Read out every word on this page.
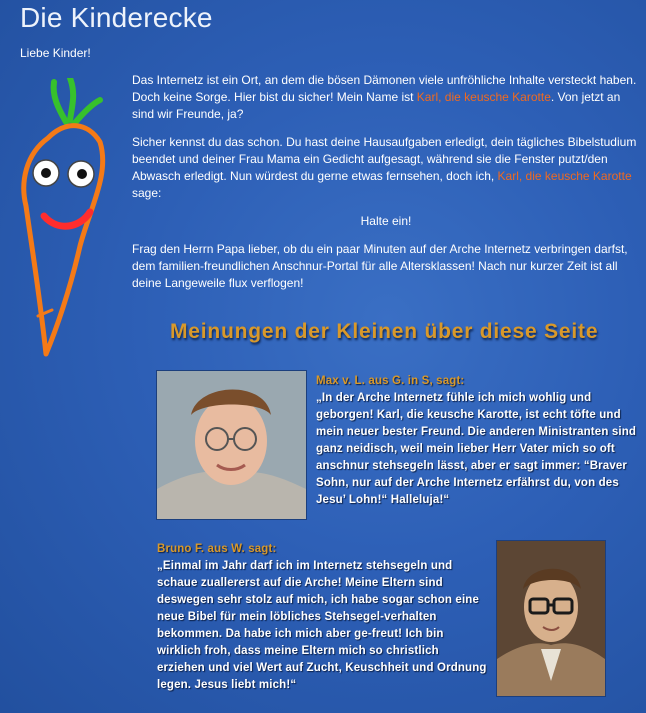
Die Kinderecke
Liebe Kinder!

Das Internetz ist ein Ort, an dem die bösen Dämonen viele unfröhliche Inhalte versteckt haben. Doch keine Sorge. Hier bist du sicher! Mein Name ist Karl, die keusche Karotte. Von jetzt an sind wir Freunde, ja?

Sicher kennst du das schon. Du hast deine Hausaufgaben erledigt, dein tägliches Bibelstudium beendet und deiner Frau Mama ein Gedicht aufgesagt, während sie die Fenster putzt/den Abwasch erledigt. Nun würdest du gerne etwas fernsehen, doch ich, Karl, die keusche Karotte sage:

Halte ein!

Frag den Herrn Papa lieber, ob du ein paar Minuten auf der Arche Internetz verbringen darfst, dem familien-freundlichen Anschnur-Portal für alle Altersklassen! Nach nur kurzer Zeit ist all deine Langeweile flux verflogen!

Meinungen der Kleinen über diese Seite
Max v. L. aus G. in S, sagt:
„In der Arche Internetz fühle ich mich wohlig und geborgen! Karl, die keusche Karotte, ist echt töfte und mein neuer bester Freund. Die anderen Ministranten sind ganz neidisch, weil mein lieber Herr Vater mich so oft anschnur stehsegeln lässt, aber er sagt immer: “Braver Sohn, nur auf der Arche Internetz erfährst du, von des Jesu’ Lohn!“ Halleluja!“
Bruno F. aus W. sagt:
„Einmal im Jahr darf ich im Internetz stehsegeln und schaue zuallererst auf die Arche! Meine Eltern sind deswegen sehr stolz auf mich, ich habe sogar schon eine neue Bibel für mein löbliches Stehsegel-verhalten bekommen. Da habe ich mich aber ge-freut! Ich bin wirklich froh, dass meine Eltern mich so christlich erziehen und viel Wert auf Zucht, Keuschheit und Ordnung legen. Jesus liebt mich!“
